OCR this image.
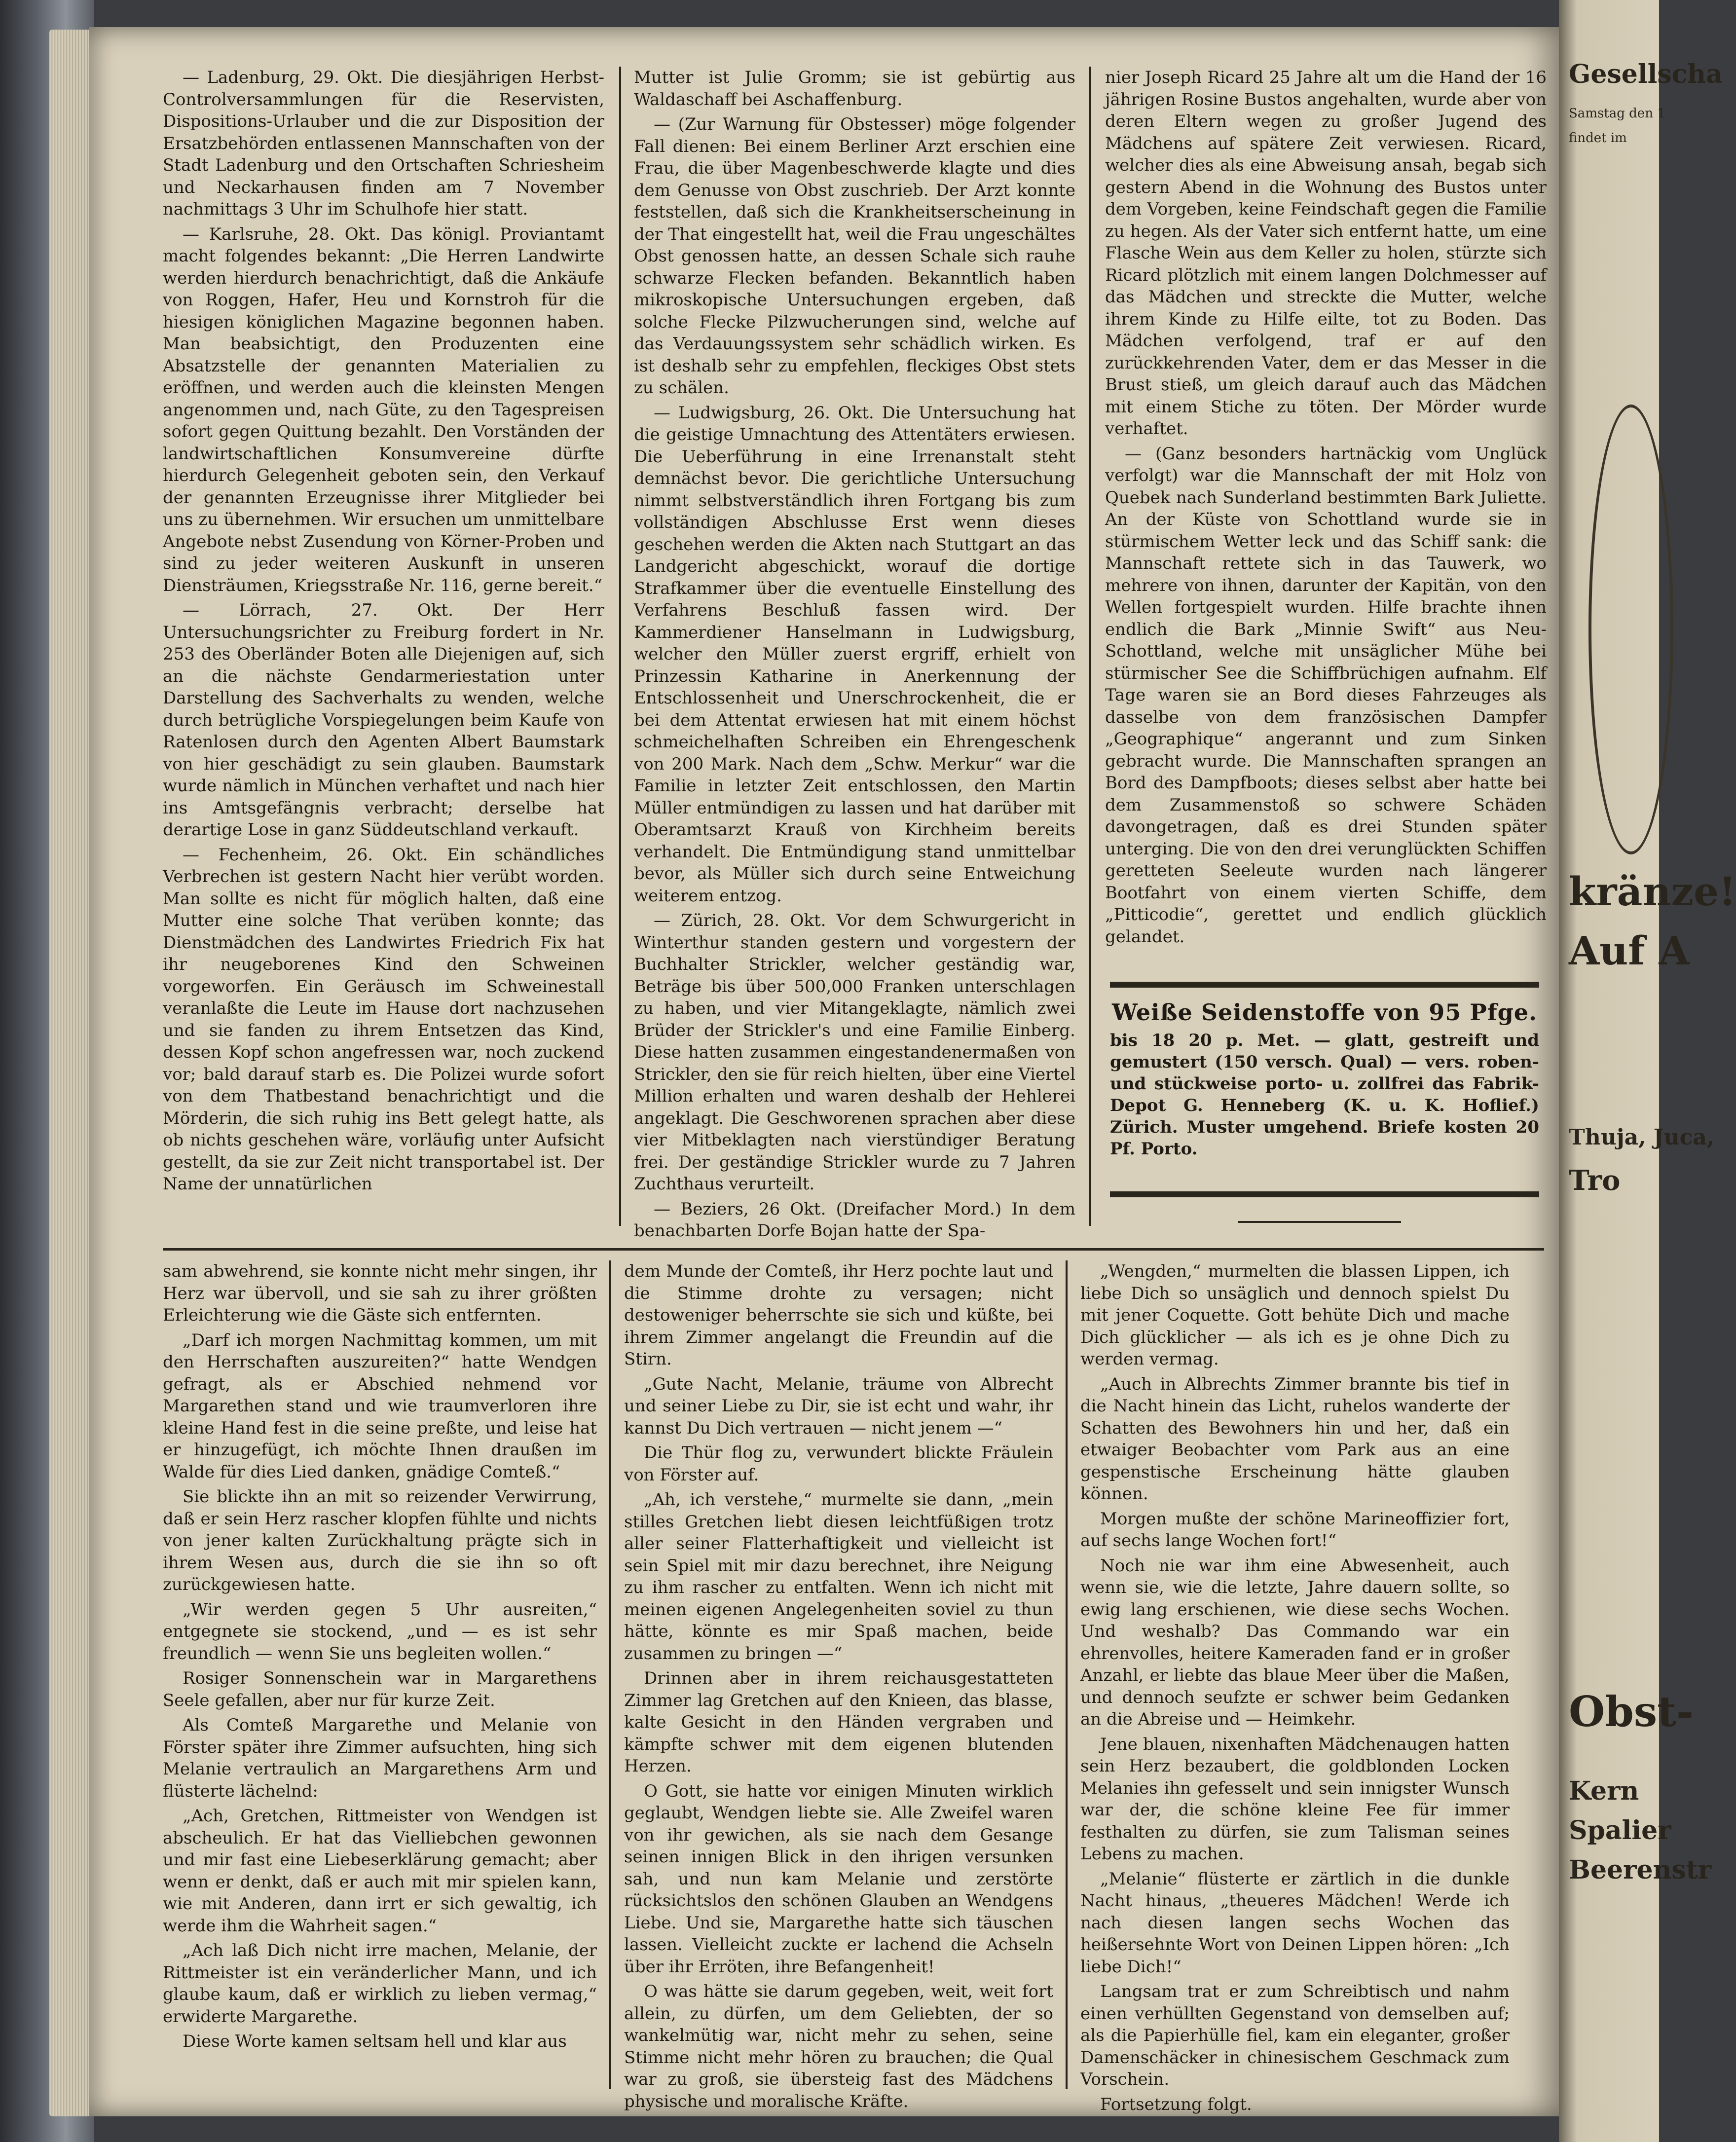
— Ladenburg, 29. Okt. Die diesjährigen Herbst-Controlversammlungen für die Reservisten, Dispositions-Urlauber und die zur Disposition der Ersatzbehörden entlassenen Mannschaften von der Stadt Ladenburg und den Ortschaften Schriesheim und Neckarhausen finden am 7 November nachmittags 3 Uhr im Schulhofe hier statt.

— Karlsruhe, 28. Okt. Das königl. Proviantamt macht folgendes bekannt: „Die Herren Landwirte werden hierdurch benachrichtigt, daß die Ankäufe von Roggen, Hafer, Heu und Kornstroh für die hiesigen königlichen Magazine begonnen haben. Man beabsichtigt, den Produzenten eine Absatzstelle der genannten Materialien zu eröffnen, und werden auch die kleinsten Mengen angenommen und, nach Güte, zu den Tagespreisen sofort gegen Quittung bezahlt. Den Vorständen der landwirtschaftlichen Konsumvereine dürfte hierdurch Gelegenheit geboten sein, den Verkauf der genannten Erzeugnisse ihrer Mitglieder bei uns zu übernehmen. Wir ersuchen um unmittelbare Angebote nebst Zusendung von Körner-Proben und sind zu jeder weiteren Auskunft in unseren Diensträumen, Kriegsstraße Nr. 116, gerne bereit.“

— Lörrach, 27. Okt. Der Herr Untersuchungsrichter zu Freiburg fordert in Nr. 253 des Oberländer Boten alle Diejenigen auf, sich an die nächste Gendarmeriestation unter Darstellung des Sachverhalts zu wenden, welche durch betrügliche Vorspiegelungen beim Kaufe von Ratenlosen durch den Agenten Albert Baumstark von hier geschädigt zu sein glauben. Baumstark wurde nämlich in München verhaftet und nach hier ins Amtsgefängnis verbracht; derselbe hat derartige Lose in ganz Süddeutschland verkauft.

— Fechenheim, 26. Okt. Ein schändliches Verbrechen ist gestern Nacht hier verübt worden. Man sollte es nicht für möglich halten, daß eine Mutter eine solche That verüben konnte; das Dienstmädchen des Landwirtes Friedrich Fix hat ihr neugeborenes Kind den Schweinen vorgeworfen. Ein Geräusch im Schweinestall veranlaßte die Leute im Hause dort nachzusehen und sie fanden zu ihrem Entsetzen das Kind, dessen Kopf schon angefressen war, noch zuckend vor; bald darauf starb es. Die Polizei wurde sofort von dem Thatbestand benachrichtigt und die Mörderin, die sich ruhig ins Bett gelegt hatte, als ob nichts geschehen wäre, vorläufig unter Aufsicht gestellt, da sie zur Zeit nicht transportabel ist. Der Name der unnatürlichen

Mutter ist Julie Gromm; sie ist gebürtig aus Waldaschaff bei Aschaffenburg.

— (Zur Warnung für Obstesser) möge folgender Fall dienen: Bei einem Berliner Arzt erschien eine Frau, die über Magenbeschwerde klagte und dies dem Genusse von Obst zuschrieb. Der Arzt konnte feststellen, daß sich die Krankheitserscheinung in der That eingestellt hat, weil die Frau ungeschältes Obst genossen hatte, an dessen Schale sich rauhe schwarze Flecken befanden. Bekanntlich haben mikroskopische Untersuchungen ergeben, daß solche Flecke Pilzwucherungen sind, welche auf das Verdauungssystem sehr schädlich wirken. Es ist deshalb sehr zu empfehlen, fleckiges Obst stets zu schälen.

— Ludwigsburg, 26. Okt. Die Untersuchung hat die geistige Umnachtung des Attentäters erwiesen. Die Ueberführung in eine Irrenanstalt steht demnächst bevor. Die gerichtliche Untersuchung nimmt selbstverständlich ihren Fortgang bis zum vollständigen Abschlusse Erst wenn dieses geschehen werden die Akten nach Stuttgart an das Landgericht abgeschickt, worauf die dortige Strafkammer über die eventuelle Einstellung des Verfahrens Beschluß fassen wird. Der Kammerdiener Hanselmann in Ludwigsburg, welcher den Müller zuerst ergriff, erhielt von Prinzessin Katharine in Anerkennung der Entschlossenheit und Unerschrockenheit, die er bei dem Attentat erwiesen hat mit einem höchst schmeichelhaften Schreiben ein Ehrengeschenk von 200 Mark. Nach dem „Schw. Merkur“ war die Familie in letzter Zeit entschlossen, den Martin Müller entmündigen zu lassen und hat darüber mit Oberamtsarzt Krauß von Kirchheim bereits verhandelt. Die Entmündigung stand unmittelbar bevor, als Müller sich durch seine Entweichung weiterem entzog.

— Zürich, 28. Okt. Vor dem Schwurgericht in Winterthur standen gestern und vorgestern der Buchhalter Strickler, welcher geständig war, Beträge bis über 500,000 Franken unterschlagen zu haben, und vier Mitangeklagte, nämlich zwei Brüder der Strickler's und eine Familie Einberg. Diese hatten zusammen eingestandenermaßen von Strickler, den sie für reich hielten, über eine Viertel Million erhalten und waren deshalb der Hehlerei angeklagt. Die Geschworenen sprachen aber diese vier Mitbeklagten nach vierstündiger Beratung frei. Der geständige Strickler wurde zu 7 Jahren Zuchthaus verurteilt.

— Beziers, 26 Okt. (Dreifacher Mord.) In dem benachbarten Dorfe Bojan hatte der Spa-

nier Joseph Ricard 25 Jahre alt um die Hand der 16 jährigen Rosine Bustos angehalten, wurde aber von deren Eltern wegen zu großer Jugend des Mädchens auf spätere Zeit verwiesen. Ricard, welcher dies als eine Abweisung ansah, begab sich gestern Abend in die Wohnung des Bustos unter dem Vorgeben, keine Feindschaft gegen die Familie zu hegen. Als der Vater sich entfernt hatte, um eine Flasche Wein aus dem Keller zu holen, stürzte sich Ricard plötzlich mit einem langen Dolchmesser auf das Mädchen und streckte die Mutter, welche ihrem Kinde zu Hilfe eilte, tot zu Boden. Das Mädchen verfolgend, traf er auf den zurückkehrenden Vater, dem er das Messer in die Brust stieß, um gleich darauf auch das Mädchen mit einem Stiche zu töten. Der Mörder wurde verhaftet.

— (Ganz besonders hartnäckig vom Unglück verfolgt) war die Mannschaft der mit Holz von Quebek nach Sunderland bestimmten Bark Juliette. An der Küste von Schottland wurde sie in stürmischem Wetter leck und das Schiff sank: die Mannschaft rettete sich in das Tauwerk, wo mehrere von ihnen, darunter der Kapitän, von den Wellen fortgespielt wurden. Hilfe brachte ihnen endlich die Bark „Minnie Swift“ aus Neu-Schottland, welche mit unsäglicher Mühe bei stürmischer See die Schiffbrüchigen aufnahm. Elf Tage waren sie an Bord dieses Fahrzeuges als dasselbe von dem französischen Dampfer „Geographique“ angerannt und zum Sinken gebracht wurde. Die Mannschaften sprangen an Bord des Dampfboots; dieses selbst aber hatte bei dem Zusammenstoß so schwere Schäden davongetragen, daß es drei Stunden später unterging. Die von den drei verunglückten Schiffen geretteten Seeleute wurden nach längerer Bootfahrt von einem vierten Schiffe, dem „Pitticodie“, gerettet und endlich glücklich gelandet.

Weiße Seidenstoffe von 95 Pfge.
bis 18 20 p. Met. — glatt, gestreift und gemustert (150 versch. Qual) — vers. roben- und stückweise porto- u. zollfrei das Fabrik-Depot G. Henneberg (K. u. K. Hoflief.) Zürich. Muster umgehend. Briefe kosten 20 Pf. Porto.

sam abwehrend, sie konnte nicht mehr singen, ihr Herz war übervoll, und sie sah zu ihrer größten Erleichterung wie die Gäste sich entfernten.

„Darf ich morgen Nachmittag kommen, um mit den Herrschaften auszureiten?“ hatte Wendgen gefragt, als er Abschied nehmend vor Margarethen stand und wie traumverloren ihre kleine Hand fest in die seine preßte, und leise hat er hinzugefügt, ich möchte Ihnen draußen im Walde für dies Lied danken, gnädige Comteß.“

Sie blickte ihn an mit so reizender Verwirrung, daß er sein Herz rascher klopfen fühlte und nichts von jener kalten Zurückhaltung prägte sich in ihrem Wesen aus, durch die sie ihn so oft zurückgewiesen hatte.

„Wir werden gegen 5 Uhr ausreiten,“ entgegnete sie stockend, „und — es ist sehr freundlich — wenn Sie uns begleiten wollen.“

Rosiger Sonnenschein war in Margarethens Seele gefallen, aber nur für kurze Zeit.

Als Comteß Margarethe und Melanie von Förster später ihre Zimmer aufsuchten, hing sich Melanie vertraulich an Margarethens Arm und flüsterte lächelnd:

„Ach, Gretchen, Rittmeister von Wendgen ist abscheulich. Er hat das Vielliebchen gewonnen und mir fast eine Liebeserklärung gemacht; aber wenn er denkt, daß er auch mit mir spielen kann, wie mit Anderen, dann irrt er sich gewaltig, ich werde ihm die Wahrheit sagen.“

„Ach laß Dich nicht irre machen, Melanie, der Rittmeister ist ein veränderlicher Mann, und ich glaube kaum, daß er wirklich zu lieben vermag,“ erwiderte Margarethe.

Diese Worte kamen seltsam hell und klar aus

dem Munde der Comteß, ihr Herz pochte laut und die Stimme drohte zu versagen; nicht destoweniger beherrschte sie sich und küßte, bei ihrem Zimmer angelangt die Freundin auf die Stirn.

„Gute Nacht, Melanie, träume von Albrecht und seiner Liebe zu Dir, sie ist echt und wahr, ihr kannst Du Dich vertrauen — nicht jenem —“

Die Thür flog zu, verwundert blickte Fräulein von Förster auf.

„Ah, ich verstehe,“ murmelte sie dann, „mein stilles Gretchen liebt diesen leichtfüßigen trotz aller seiner Flatterhaftigkeit und vielleicht ist sein Spiel mit mir dazu berechnet, ihre Neigung zu ihm rascher zu entfalten. Wenn ich nicht mit meinen eigenen Angelegenheiten soviel zu thun hätte, könnte es mir Spaß machen, beide zusammen zu bringen —“

Drinnen aber in ihrem reichausgestatteten Zimmer lag Gretchen auf den Knieen, das blasse, kalte Gesicht in den Händen vergraben und kämpfte schwer mit dem eigenen blutenden Herzen.

O Gott, sie hatte vor einigen Minuten wirklich geglaubt, Wendgen liebte sie. Alle Zweifel waren von ihr gewichen, als sie nach dem Gesange seinen innigen Blick in den ihrigen versunken sah, und nun kam Melanie und zerstörte rücksichtslos den schönen Glauben an Wendgens Liebe. Und sie, Margarethe hatte sich täuschen lassen. Vielleicht zuckte er lachend die Achseln über ihr Erröten, ihre Befangenheit!

O was hätte sie darum gegeben, weit, weit fort allein, zu dürfen, um dem Geliebten, der so wankelmütig war, nicht mehr zu sehen, seine Stimme nicht mehr hören zu brauchen; die Qual war zu groß, sie übersteig fast des Mädchens physische und moralische Kräfte.

„Wengden,“ murmelten die blassen Lippen, ich liebe Dich so unsäglich und dennoch spielst Du mit jener Coquette. Gott behüte Dich und mache Dich glücklicher — als ich es je ohne Dich zu werden vermag.

„Auch in Albrechts Zimmer brannte bis tief in die Nacht hinein das Licht, ruhelos wanderte der Schatten des Bewohners hin und her, daß ein etwaiger Beobachter vom Park aus an eine gespenstische Erscheinung hätte glauben können.

Morgen mußte der schöne Marineoffizier fort, auf sechs lange Wochen fort!“

Noch nie war ihm eine Abwesenheit, auch wenn sie, wie die letzte, Jahre dauern sollte, so ewig lang erschienen, wie diese sechs Wochen. Und weshalb? Das Commando war ein ehrenvolles, heitere Kameraden fand er in großer Anzahl, er liebte das blaue Meer über die Maßen, und dennoch seufzte er schwer beim Gedanken an die Abreise und — Heimkehr.

Jene blauen, nixenhaften Mädchenaugen hatten sein Herz bezaubert, die goldblonden Locken Melanies ihn gefesselt und sein innigster Wunsch war der, die schöne kleine Fee für immer festhalten zu dürfen, sie zum Talisman seines Lebens zu machen.

„Melanie“ flüsterte er zärtlich in die dunkle Nacht hinaus, „theueres Mädchen! Werde ich nach diesen langen sechs Wochen das heißersehnte Wort von Deinen Lippen hören: „Ich liebe Dich!“

Langsam trat er zum Schreibtisch und nahm einen verhüllten Gegenstand von demselben auf; als die Papierhülle fiel, kam ein eleganter, großer Damenschäcker in chinesischem Geschmack zum Vorschein.

Fortsetzung folgt.

Gesellscha
Samstag den 1
findet im
kränze!
Auf A
Thuja, Juca,
Tro
Obst-
Kern
Spalier
Beerenstr
